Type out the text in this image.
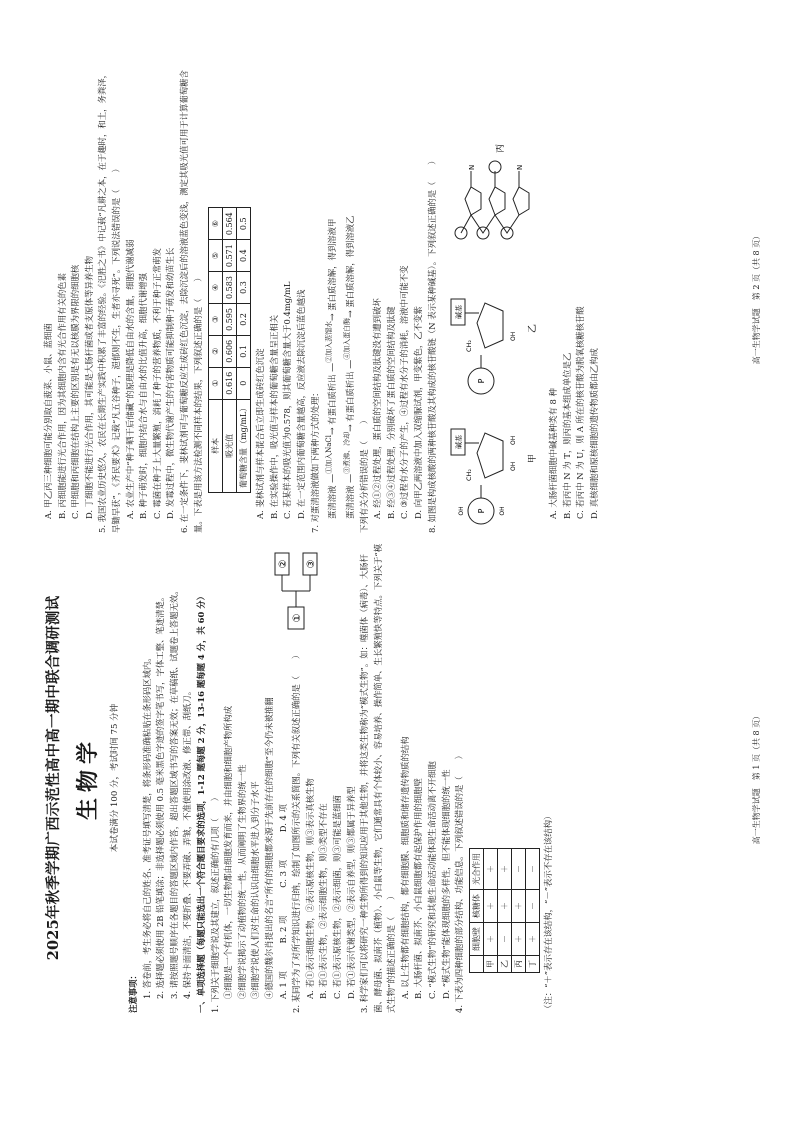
2025年秋季学期广西示范性高中高一期中联合调研测试 生物学 本试卷满分 100 分，考试时间 75 分钟

注意事项： 1. 答卷前，考生务必将自己的姓名、准考证号填写清楚，将条形码准确粘贴在条形码区域内。 2. 选择题必须使用 2B 铅笔填涂；非选择题必须使用 0.5 毫米黑色字迹的签字笔书写，字体工整、笔迹清楚。 3. 请按照题号顺序在各题目的答题区域内作答，超出答题区域书写的答案无效；在草稿纸、试题卷上答题无效。 4. 保持卡面清洁，不要折叠、不要弄破、弄皱，不准使用涂改液、修正带、刮纸刀。 一、单项选择题（每题只能选出一个符合题目要求的选项，1-12 题每题 2 分，13-16 题每题 4 分，共 60 分） 1. 下列关于细胞学说及其建立，叙述正确的有几项（　　） ①细胞是一个有机体，一切生物都由细胞发育而来，并由细胞和细胞产物所构成 ②细胞学说揭示了动植物的统一性，从而阐明了生物界的统一性 ③细胞学说使人们对生命的认识由细胞水平进入到分子水平 ④德国的魏尔肖提出的名言“所有的细胞都来源于先前存在的细胞”至今仍未被推翻 A. 1 项    B. 2 项    C. 3 项    D. 4 项 2. 某同学为了对所学知识进行归纳，绘制了如图所示的关系简图。下列有关叙述正确的是（　　）

①
② ③

A. 若①表示细胞生物，②表示原核生物，则③表示真核生物 B. 若①表示生物，②表示细胞生物，则③类型不存在 C. 若①表示原核生物，②表示细菌，则③可能是蓝细菌 D. 若①表示代谢类型，②表示自养型，则③都属于异养型 3. 科学家们可以将研究一种生物所得到的知识应用于其他生物，并将这类生物称为“模式生物”。如：噬菌体（病毒）、大肠杆菌、酵母菌、拟南芥（植物）、小白鼠等生物，它们通常具有个体较小、容易培养、操作简单、生长繁殖快等特点。下列关于“模式生物”的描述正确的是（　　） A. 以上生物都有细胞结构，都有细胞膜、细胞质和储存遗传物质的结构 B. 大肠杆菌、拟南芥、小白鼠细胞都有起保护作用的细胞壁 C. “模式生物”的研究和其他生命活动能体现生命活动离不开细胞 D. “模式生物”能体现细胞的多样性，但不能体现细胞的统一性 4. 下表为四种细胞的部分结构、功能信息。下列叙述错误的是（　　）

	细胞壁	核糖体	光合作用
甲	＋	＋	＋
乙	－	＋	＋
丙	＋	＋	－
丁	＋	－	－ （注：“＋”表示存在该结构，“－”表示不存在该结构）

高一生物学试题　第 1 页（共 8 页）

A. 甲乙丙三种细胞可能分别取自菠菜、小鼠、蓝细菌 B. 丙细胞能进行光合作用，因为其细胞内含有光合作用有关的色素 C. 甲细胞和丙细胞在结构上主要的区别是有无以核膜为界限的细胞核 D. 丁细胞不能进行光合作用，其可能是大肠杆菌或者支原体等异养生物 5. 我国农业历史悠久，农民在长期生产实践中积累了丰富的经验。《汜胜之书》中记载“凡耕之本，在于趣时，和土，务粪泽，早锄早获”，《齐民要术》记载“凡五谷种子，浥郁则不生，生者亦寻死”。下列说法错误的是（　　） A. 农业生产中“种子晒干后储藏”的原理是降低自由水的含量，细胞代谢减弱 B. 种子萌发时，细胞内结合水与自由水的比值升高，细胞代谢增强 C. 霉菌在种子上大量繁殖，消耗了种子的营养物质，不利于种子正常萌发 D. 发霉过程中，微生物代谢产生的有害物质可能抑制种子萌发和幼苗生长 6. 在一定条件下，斐林试剂可与葡萄糖反应生成砖红色沉淀，去除沉淀后的溶液蓝色变浅，测定其吸光值可用于计算葡萄糖含量。下表是用该方法检测不同样本的结果，下列叙述正确的是（　　）	样本	①	②	③	④	⑤	⑥
吸光值	0.616	0.606	0.595	0.583	0.571	0.564
葡萄糖含量（mg/mL）	0	0.1	0.2	0.3	0.4	0.5

A. 斐林试剂与样本混合后立即生成砖红色沉淀 B. 在实验操作中，吸光值与样本的葡萄糖含量呈正相关 C. 若某样本的吸光值为0.578，则其葡萄糖含量大于0.4mg/mL D. 在一定范围内葡萄糖含量越高，反应液去除沉淀后蓝色越浅 7. 对蛋清溶液做如下两种方式的处理： 蛋清溶液 —$^{①加入NaCl}$→ 有蛋白质析出 —$^{②加入蒸馏水}$→ 蛋白质溶解，得到溶液甲
蛋清溶液 —$^{③煮沸、冷却}$→ 有蛋白质析出 —$^{④加入蛋白酶}$→ 蛋白质溶解，得到溶液乙

下列有关分析错误的是（　　） A. 经①②过程处理，蛋白质的空间结构及肽键没有遭到破坏 B. 经③④过程处理，分别破坏了蛋白质的空间结构及肽键 C. ③过程有水分子的产生，④过程有水分子的消耗，溶液中可能不变 D. 向甲乙两溶液中加入双缩脲试剂，甲变紫色，乙不变紫 8. 如图是构成核酸的两种核苷酸及其构成的核苷酸链（N 表示某种碱基）。下列叙述正确的是（　　）	P
OH	OH
CH₂
碱基
OH
OH
甲
P
CH₂
碱基
OH
乙
N	N
丙

A. 大肠杆菌细胞中碱基种类有 8 种 B. 若丙中 N 为 T，则丙的基本组成单位是乙 C. 若丙中 N 为 U，则 A 所在的核苷酸为脱氧核糖核苷酸 D. 真核细胞和原核细胞的遗传物质都由乙构成

高一生物学试题　第 2 页（共 8 页）
